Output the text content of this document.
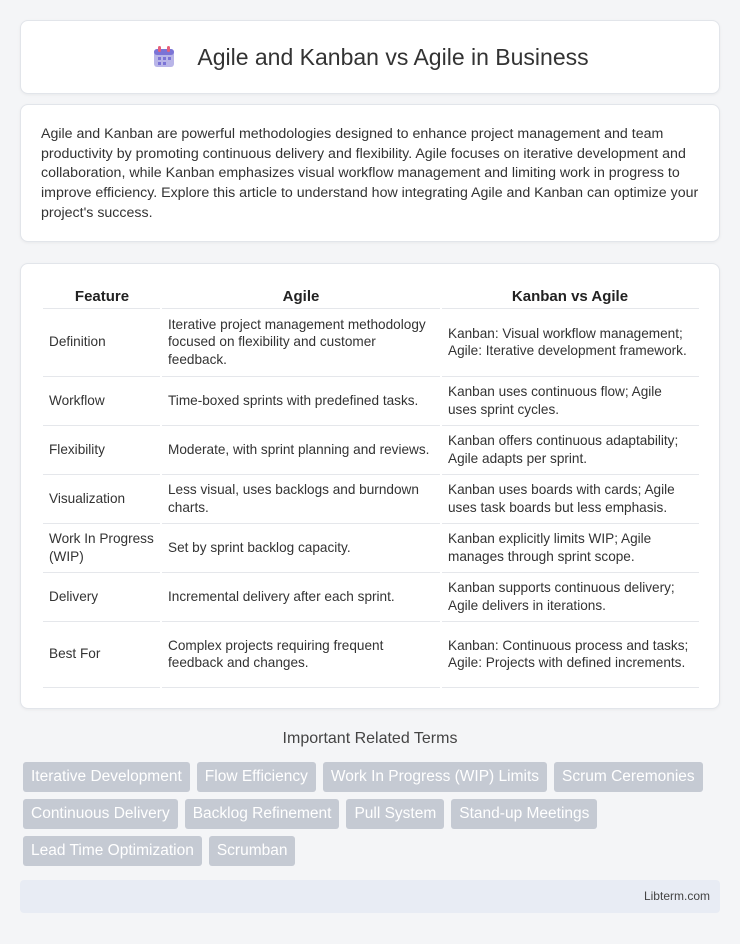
Agile and Kanban vs Agile in Business

Agile and Kanban are powerful methodologies designed to enhance project management and team productivity by promoting continuous delivery and flexibility. Agile focuses on iterative development and collaboration, while Kanban emphasizes visual workflow management and limiting work in progress to improve efficiency. Explore this article to understand how integrating Agile and Kanban can optimize your project's success.

Feature	Agile	Kanban vs Agile
Definition	Iterative project management methodology focused on flexibility and customer feedback.	Kanban: Visual workflow management; Agile: Iterative development framework.
Workflow	Time-boxed sprints with predefined tasks.	Kanban uses continuous flow; Agile uses sprint cycles.
Flexibility	Moderate, with sprint planning and reviews.	Kanban offers continuous adaptability; Agile adapts per sprint.
Visualization	Less visual, uses backlogs and burndown charts.	Kanban uses boards with cards; Agile uses task boards but less emphasis.
Work In Progress (WIP)	Set by sprint backlog capacity.	Kanban explicitly limits WIP; Agile manages through sprint scope.
Delivery	Incremental delivery after each sprint.	Kanban supports continuous delivery; Agile delivers in iterations.
Best For	Complex projects requiring frequent feedback and changes.	Kanban: Continuous process and tasks; Agile: Projects with defined increments.
Important Related Terms
Iterative Development	Flow Efficiency	Work In Progress (WIP) Limits	Scrum Ceremonies
Continuous Delivery	Backlog Refinement	Pull System	Stand-up Meetings
Lead Time Optimization	Scrumban
Libterm.com
